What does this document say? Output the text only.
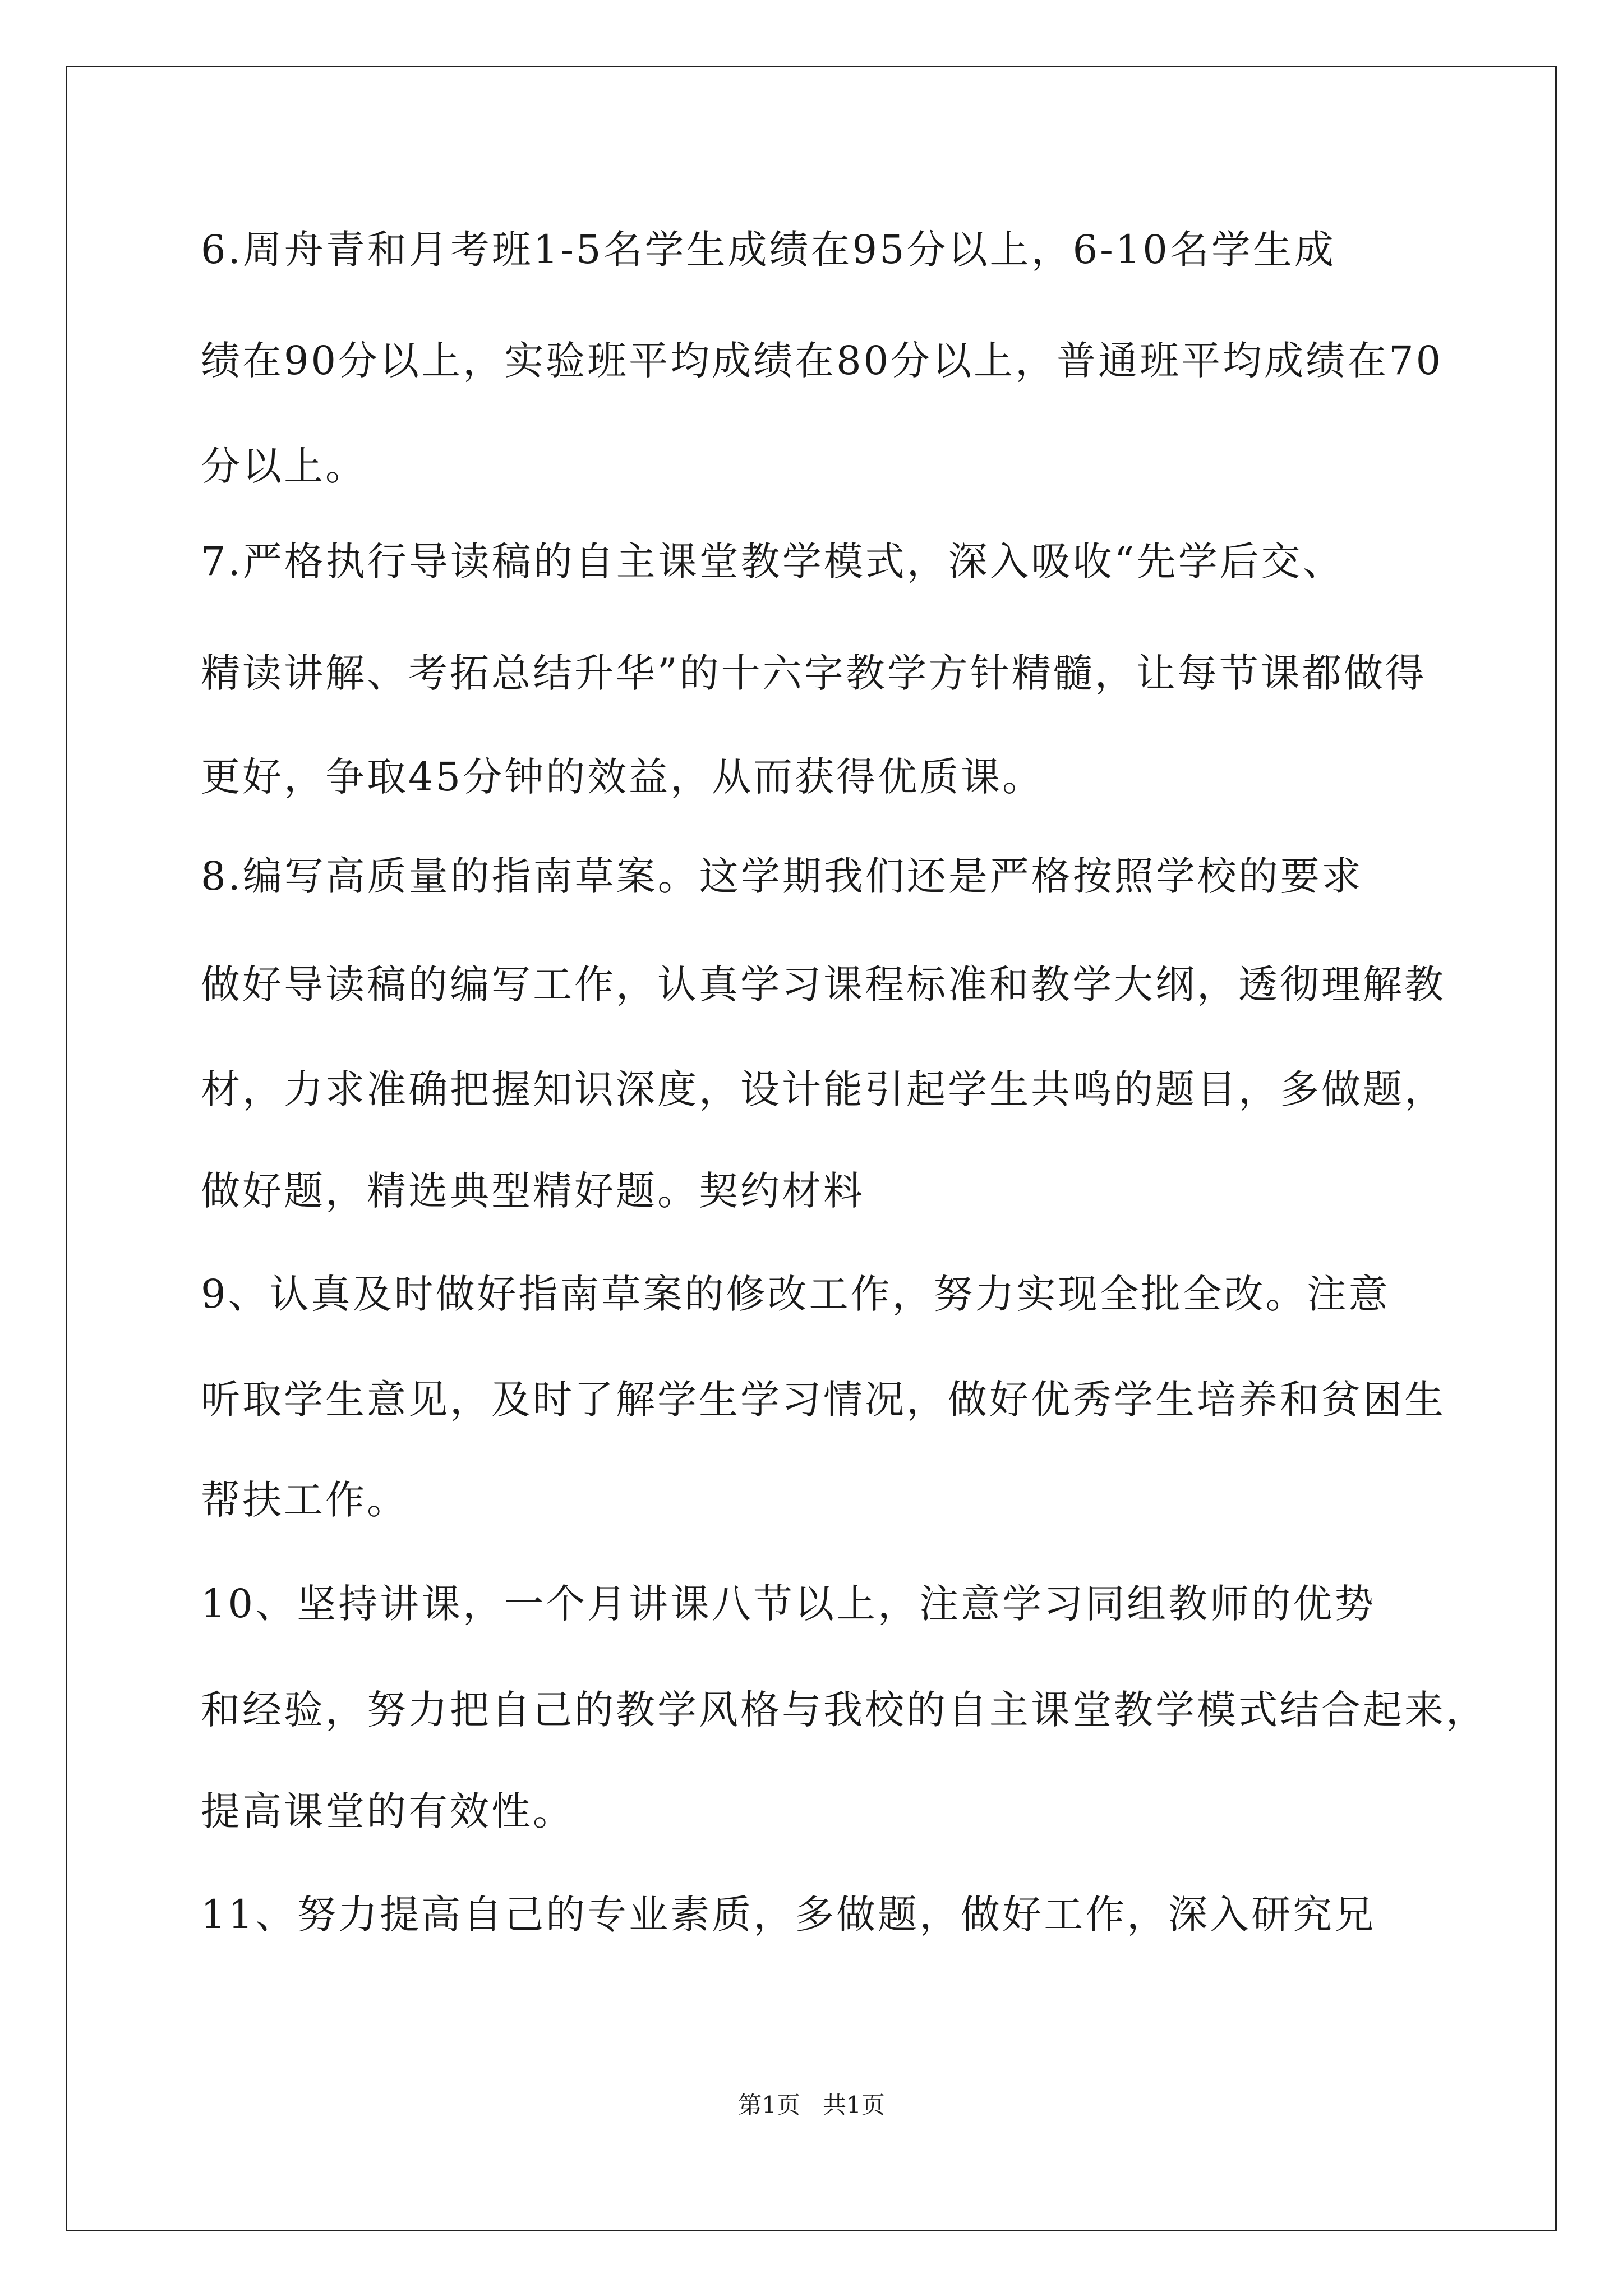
6.周舟青和月考班1-5名学生成绩在95分以上，6-10名学生成
绩在90分以上，实验班平均成绩在80分以上，普通班平均成绩在70
分以上。
7.严格执行导读稿的自主课堂教学模式，深入吸收“先学后交、
精读讲解、考拓总结升华”的十六字教学方针精髓，让每节课都做得
更好，争取45分钟的效益，从而获得优质课。
8.编写高质量的指南草案。这学期我们还是严格按照学校的要求
做好导读稿的编写工作，认真学习课程标准和教学大纲，透彻理解教
材，力求准确把握知识深度，设计能引起学生共鸣的题目，多做题，
做好题，精选典型精好题。契约材料
9、认真及时做好指南草案的修改工作，努力实现全批全改。注意
听取学生意见，及时了解学生学习情况，做好优秀学生培养和贫困生
帮扶工作。
10、坚持讲课，一个月讲课八节以上，注意学习同组教师的优势
和经验，努力把自己的教学风格与我校的自主课堂教学模式结合起来，
提高课堂的有效性。
11、努力提高自己的专业素质，多做题，做好工作，深入研究兄
第1页   共1页
